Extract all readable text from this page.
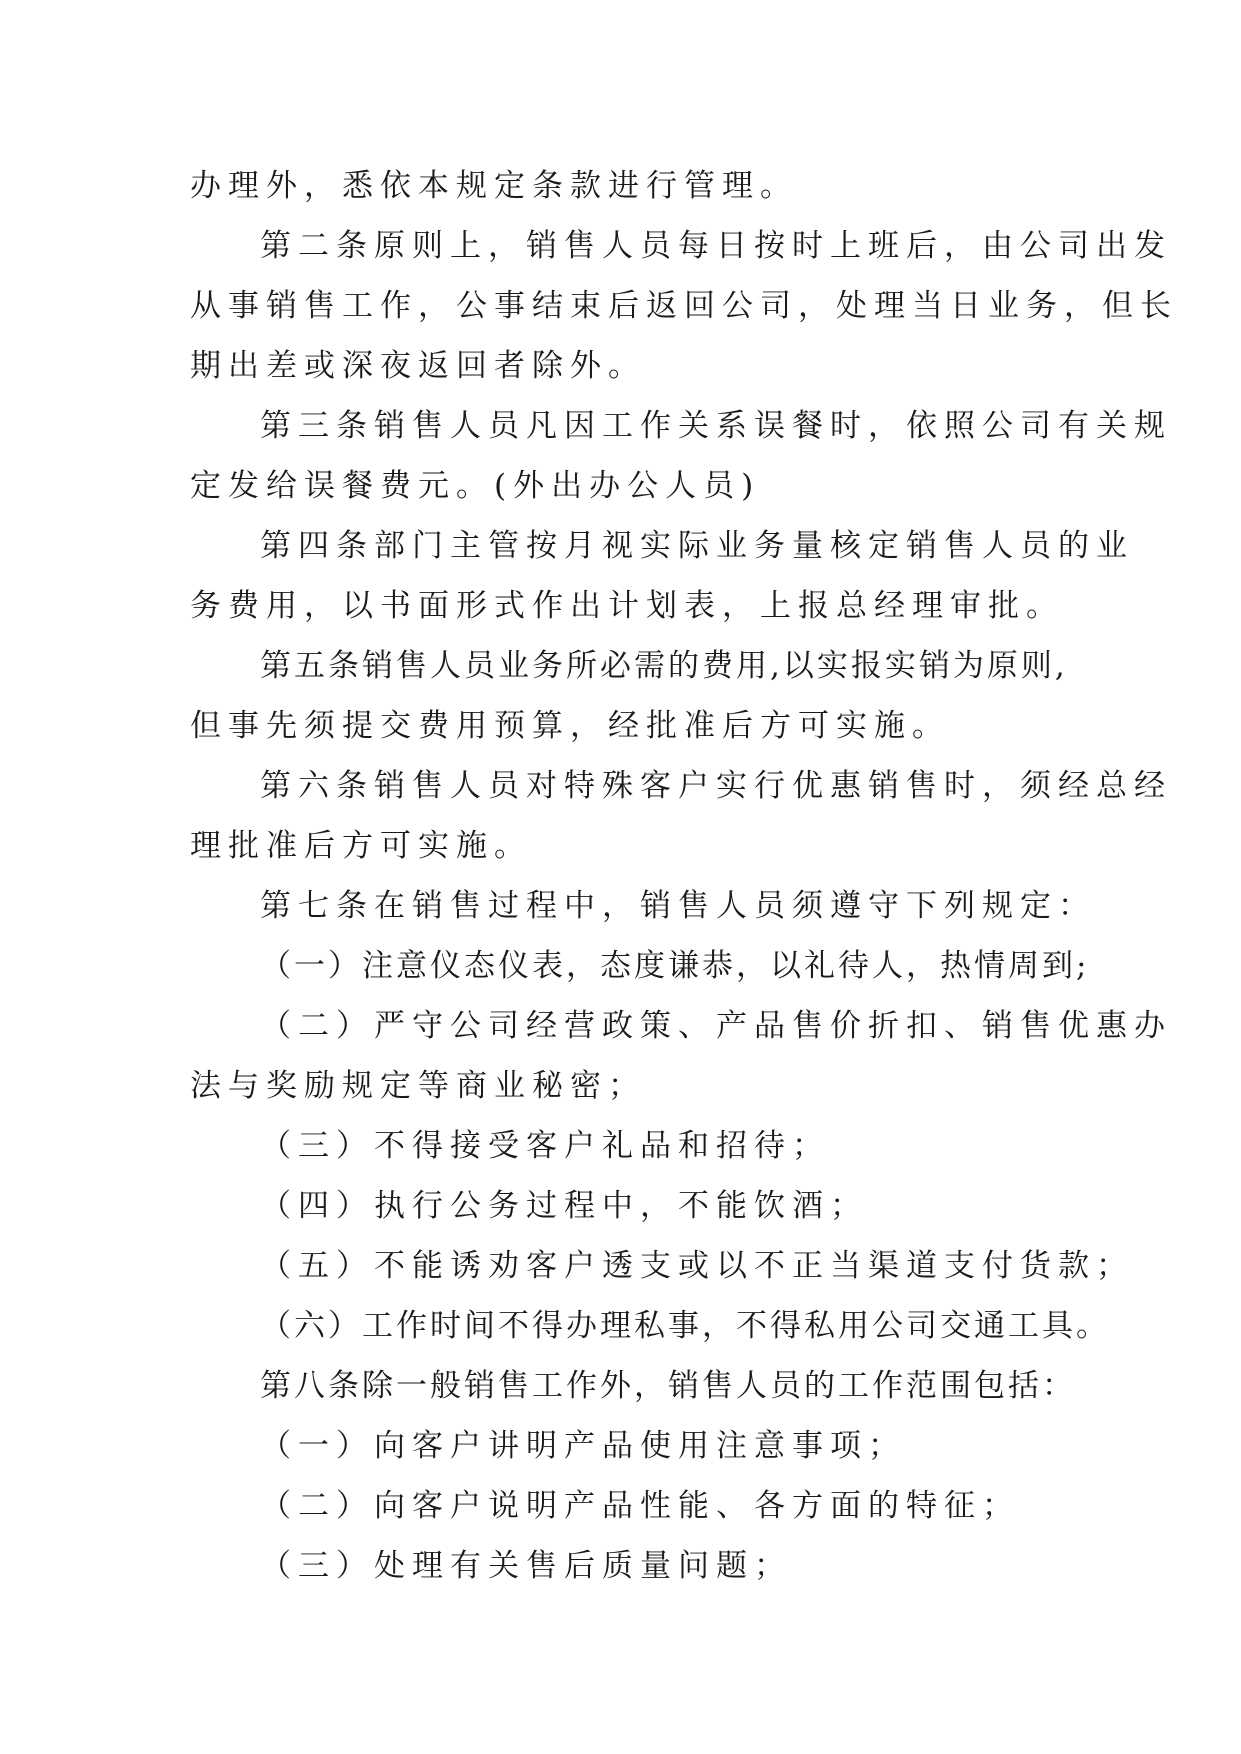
办理外，悉依本规定条款进行管理。
第二条原则上，销售人员每日按时上班后，由公司出发
从事销售工作，公事结束后返回公司，处理当日业务，但长
期出差或深夜返回者除外。
第三条销售人员凡因工作关系误餐时，依照公司有关规
定发给误餐费元。(外出办公人员)
第四条部门主管按月视实际业务量核定销售人员的业
务费用，以书面形式作出计划表，上报总经理审批。
第五条销售人员业务所必需的费用,以实报实销为原则,
但事先须提交费用预算，经批准后方可实施。
第六条销售人员对特殊客户实行优惠销售时，须经总经
理批准后方可实施。
第七条在销售过程中，销售人员须遵守下列规定：
（一）注意仪态仪表，态度谦恭，以礼待人，热情周到;
（二）严守公司经营政策、产品售价折扣、销售优惠办
法与奖励规定等商业秘密；
（三）不得接受客户礼品和招待；
（四）执行公务过程中，不能饮酒；
（五）不能诱劝客户透支或以不正当渠道支付货款；
（六）工作时间不得办理私事，不得私用公司交通工具。
第八条除一般销售工作外，销售人员的工作范围包括：
（一）向客户讲明产品使用注意事项；
（二）向客户说明产品性能、各方面的特征；
（三）处理有关售后质量问题；
